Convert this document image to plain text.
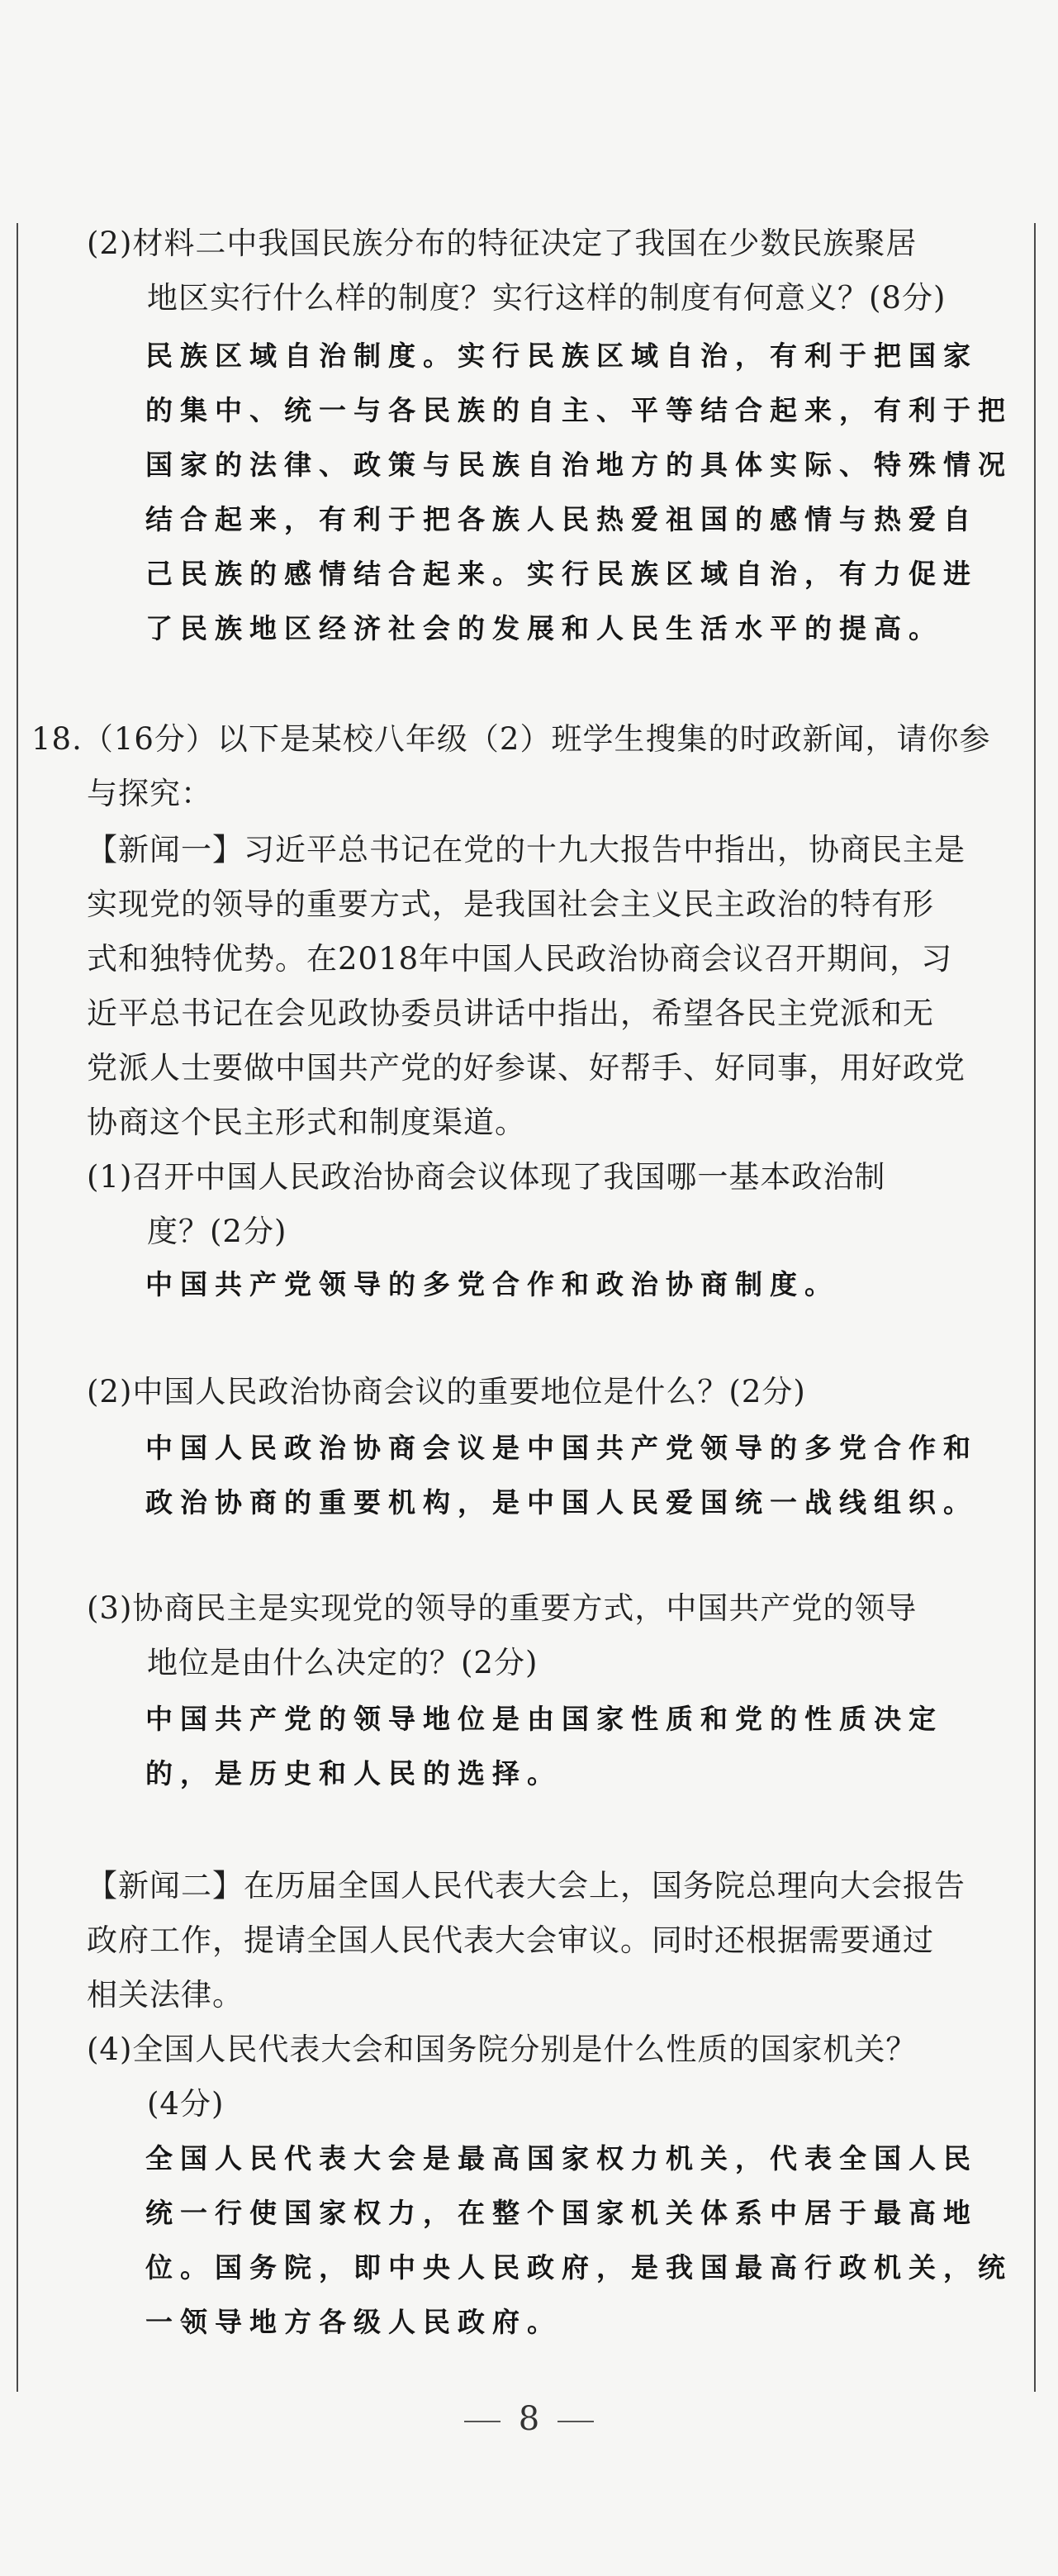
(2)材料二中我国民族分布的特征决定了我国在少数民族聚居

地区实行什么样的制度？实行这样的制度有何意义？(8分)

民族区域自治制度。实行民族区域自治，有利于把国家

的集中、统一与各民族的自主、平等结合起来，有利于把

国家的法律、政策与民族自治地方的具体实际、特殊情况

结合起来，有利于把各族人民热爱祖国的感情与热爱自

己民族的感情结合起来。实行民族区域自治，有力促进

了民族地区经济社会的发展和人民生活水平的提高。

18.（16分）以下是某校八年级（2）班学生搜集的时政新闻，请你参

与探究：

【新闻一】习近平总书记在党的十九大报告中指出，协商民主是

实现党的领导的重要方式，是我国社会主义民主政治的特有形

式和独特优势。在2018年中国人民政治协商会议召开期间，习

近平总书记在会见政协委员讲话中指出，希望各民主党派和无

党派人士要做中国共产党的好参谋、好帮手、好同事，用好政党

协商这个民主形式和制度渠道。

(1)召开中国人民政治协商会议体现了我国哪一基本政治制

度？(2分)

中国共产党领导的多党合作和政治协商制度。

(2)中国人民政治协商会议的重要地位是什么？(2分)

中国人民政治协商会议是中国共产党领导的多党合作和

政治协商的重要机构，是中国人民爱国统一战线组织。

(3)协商民主是实现党的领导的重要方式，中国共产党的领导

地位是由什么决定的？(2分)

中国共产党的领导地位是由国家性质和党的性质决定

的，是历史和人民的选择。

【新闻二】在历届全国人民代表大会上，国务院总理向大会报告

政府工作，提请全国人民代表大会审议。同时还根据需要通过

相关法律。

(4)全国人民代表大会和国务院分别是什么性质的国家机关？

(4分)

全国人民代表大会是最高国家权力机关，代表全国人民

统一行使国家权力，在整个国家机关体系中居于最高地

位。国务院，即中央人民政府，是我国最高行政机关，统

一领导地方各级人民政府。

8
